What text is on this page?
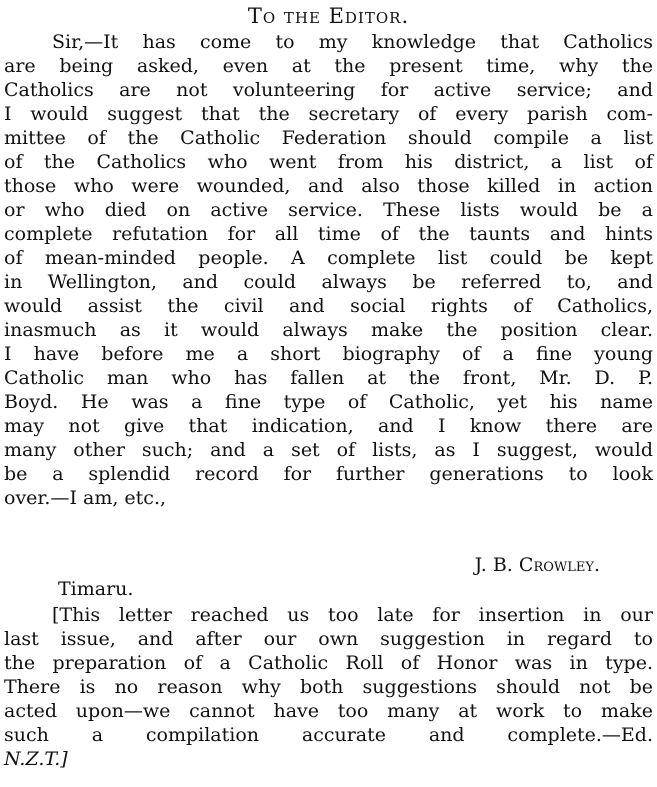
To the Editor.
Sir,—It has come to my knowledge that Catholics
are being asked, even at the present time, why the
Catholics are not volunteering for active service; and
I would suggest that the secretary of every parish com-
mittee of the Catholic Federation should compile a list
of the Catholics who went from his district, a list of
those who were wounded, and also those killed in action
or who died on active service. These lists would be a
complete refutation for all time of the taunts and hints
of mean-minded people. A complete list could be kept
in Wellington, and could always be referred to, and
would assist the civil and social rights of Catholics,
inasmuch as it would always make the position clear.
I have before me a short biography of a fine young
Catholic man who has fallen at the front, Mr. D. P.
Boyd. He was a fine type of Catholic, yet his name
may not give that indication, and I know there are
many other such; and a set of lists, as I suggest, would
be a splendid record for further generations to look
over.—I am, etc.,
J. B. Crowley.
Timaru.
[This letter reached us too late for insertion in our
last issue, and after our own suggestion in regard to
the preparation of a Catholic Roll of Honor was in type.
There is no reason why both suggestions should not be
acted upon—we cannot have too many at work to make
such a compilation accurate and complete.—Ed.
N.Z.T.]
